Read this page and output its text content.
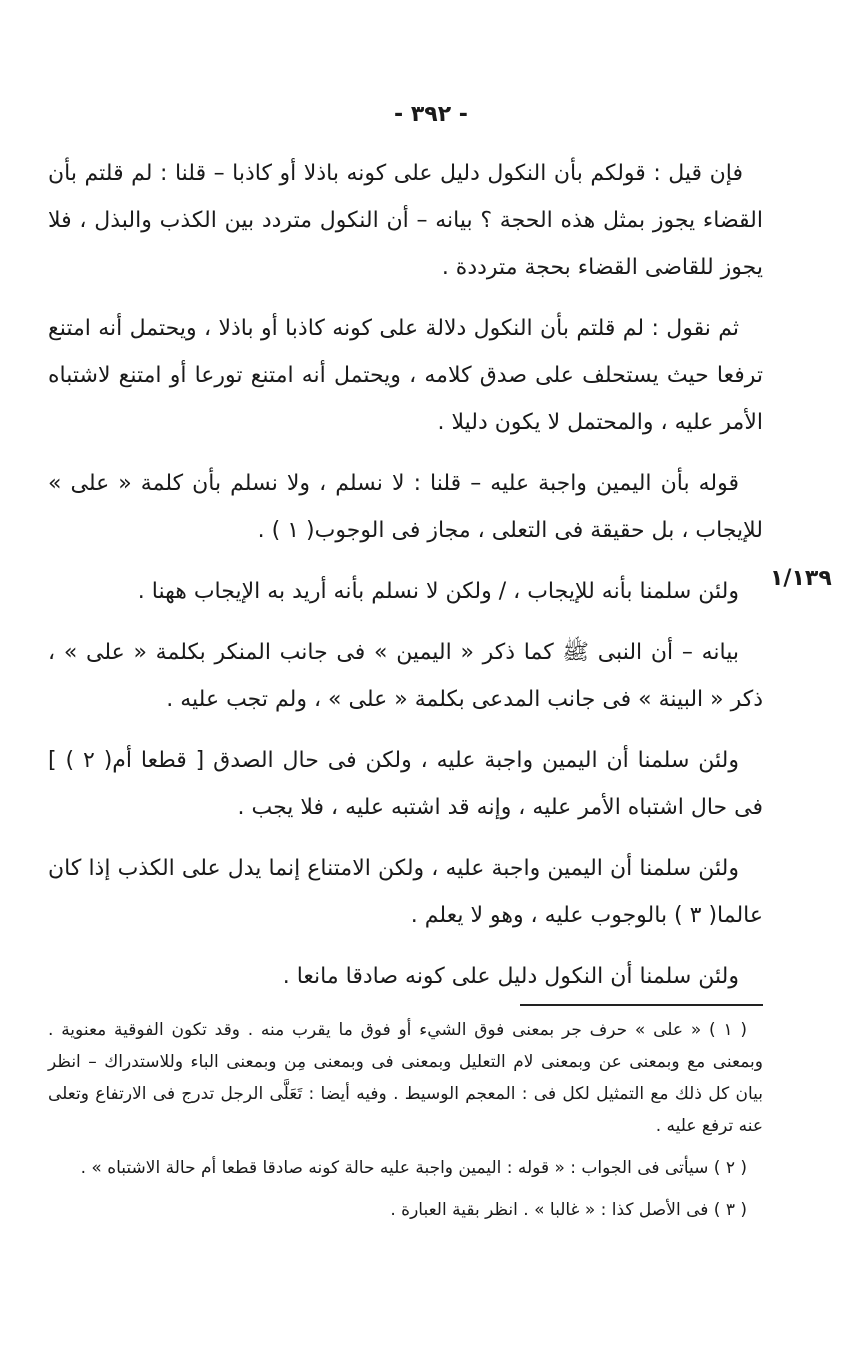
- ٣٩٢ -
١/١٣٩

فإن قيل : قولكم بأن النكول دليل على كونه باذلا أو كاذبا – قلنا : لم قلتم بأن القضاء يجوز بمثل هذه الحجة ؟ بيانه – أن النكول متردد بين الكذب والبذل ، فلا يجوز للقاضى القضاء بحجة مترددة .

ثم نقول : لم قلتم بأن النكول دلالة على كونه كاذبا أو باذلا ، ويحتمل أنه امتنع ترفعا حيث يستحلف على صدق كلامه ، ويحتمل أنه امتنع تورعا أو امتنع لاشتباه الأمر عليه ، والمحتمل لا يكون دليلا .

قوله بأن اليمين واجبة عليه – قلنا : لا نسلم ، ولا نسلم بأن كلمة « على » للإيجاب ، بل حقيقة فى التعلى ، مجاز فى الوجوب( ١ ) .

ولئن سلمنا بأنه للإيجاب ، / ولكن لا نسلم بأنه أريد به الإيجاب ههنا .

بيانه – أن النبى ﷺ كما ذكر « اليمين » فى جانب المنكر بكلمة « على » ، ذكر « البينة » فى جانب المدعى بكلمة « على » ، ولم تجب عليه .

ولئن سلمنا أن اليمين واجبة عليه ، ولكن فى حال الصدق [ قطعا أم( ٢ ) ] فى حال اشتباه الأمر عليه ، وإنه قد اشتبه عليه ، فلا يجب .

ولئن سلمنا أن اليمين واجبة عليه ، ولكن الامتناع إنما يدل على الكذب إذا كان عالما( ٣ ) بالوجوب عليه ، وهو لا يعلم .

ولئن سلمنا أن النكول دليل على كونه صادقا مانعا .

( ١ ) « على » حرف جر بمعنى فوق الشيء أو فوق ما يقرب منه . وقد تكون الفوقية معنوية . وبمعنى مع وبمعنى عن وبمعنى لام التعليل وبمعنى فى وبمعنى مِن وبمعنى الباء وللاستدراك – انظر بيان كل ذلك مع التمثيل لكل فى : المعجم الوسيط . وفيه أيضا : تَعَلَّى الرجل تدرج فى الارتفاع وتعلى عنه ترفع عليه .

( ٢ ) سيأتى فى الجواب : « قوله : اليمين واجبة عليه حالة كونه صادقا قطعا أم حالة الاشتباه » .

( ٣ ) فى الأصل كذا : « غالبا » . انظر بقية العبارة .
